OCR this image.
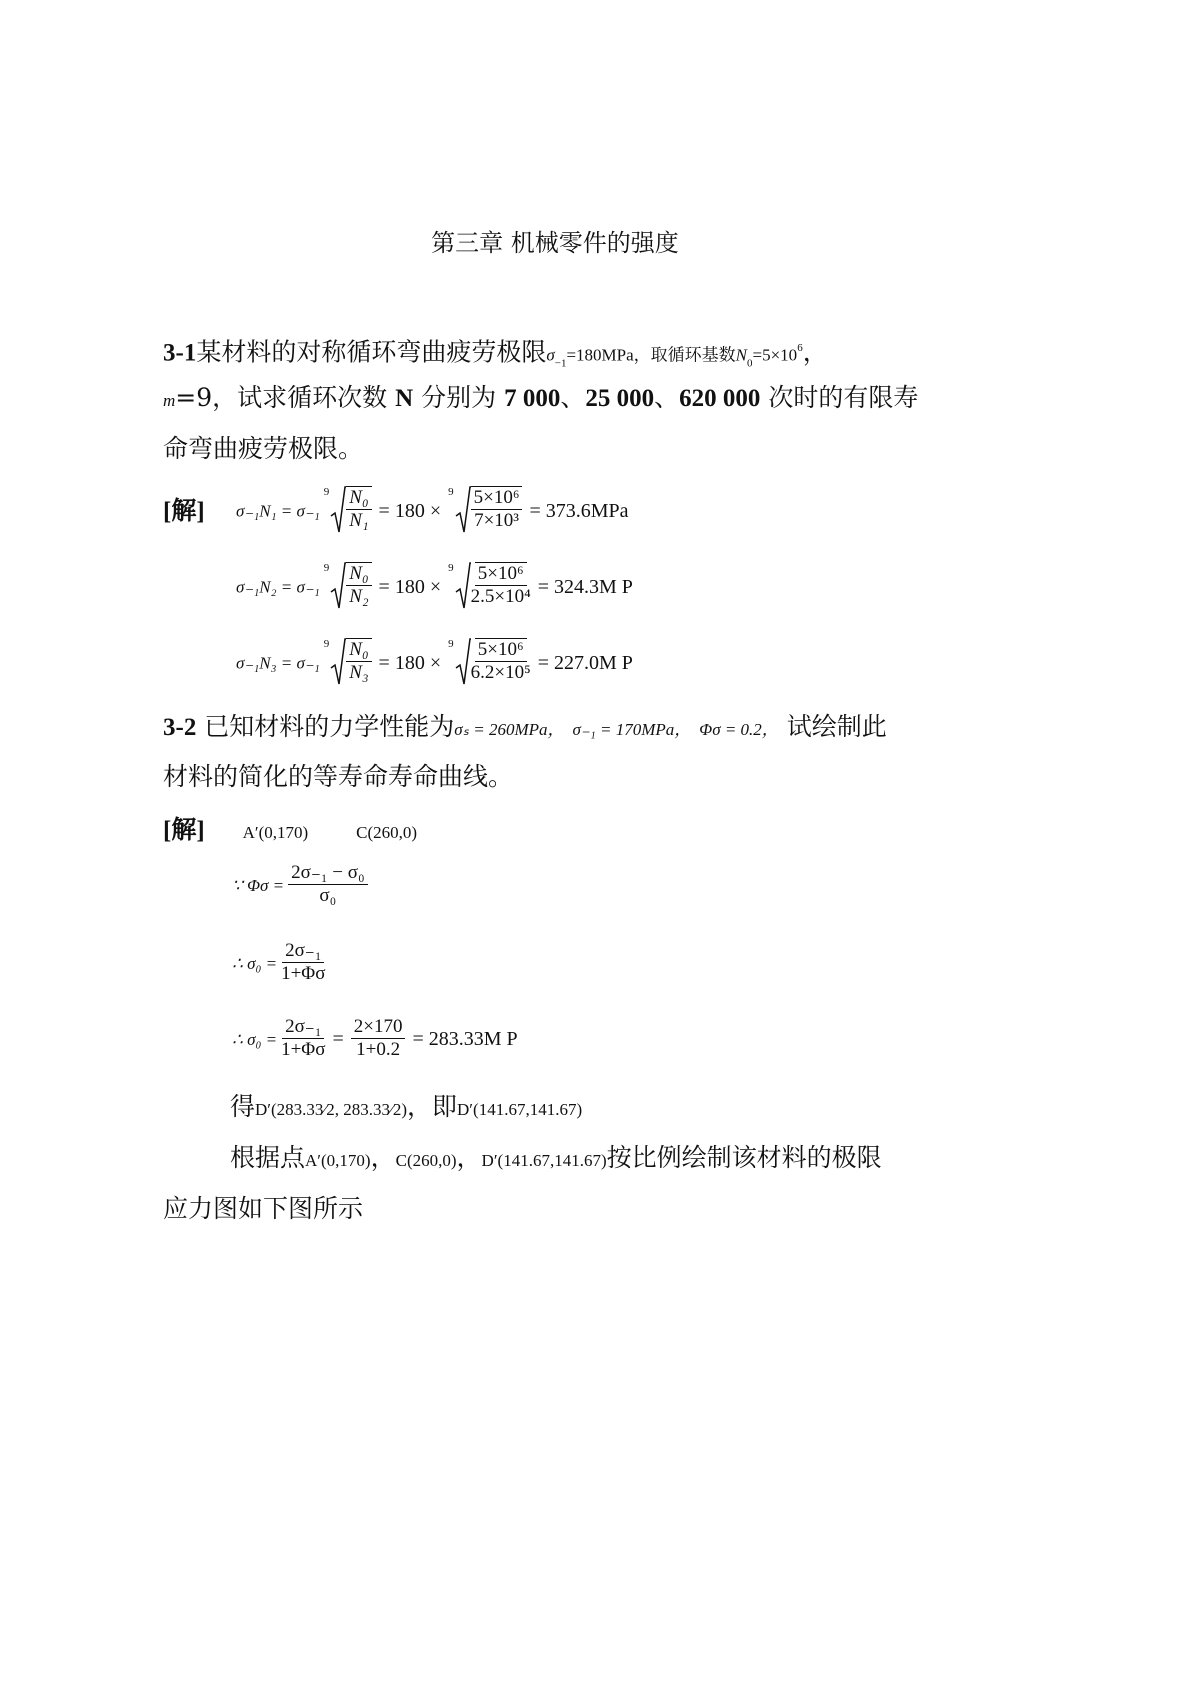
第三章 机械零件的强度
3-1某材料的对称循环弯曲疲劳极限$\sigma_{-1}=180MPa$，取循环基数$N_0=5\times 10^6$，
m=9，试求循环次数 N 分别为 7 000、25 000、620 000 次时的有限寿
命弯曲疲劳极限。
[解] σ₋₁N₁ = σ₋₁
$9 \frac{\text{N₀}}{\text{N₁}} = 180$ ×
$9 \frac{\text{5×10⁶}}{\text{7×10³}} = 373.6MPa$
σ₋₁N₂ = σ₋₁
$9 \frac{\text{N₀}}{\text{N₂}} = 180$ ×
$9 \frac{\text{5×10⁶}}{\text{2.5×10⁴}} = 324.3M$ P
σ₋₁N₃ = σ₋₁
$9 \frac{\text{N₀}}{\text{N₃}} = 180$ ×
$9 \frac{\text{5×10⁶}}{\text{6.2×10⁵}} = 227.0M$ P
3-2 已知材料的力学性能为σₛ = 260MPa， σ₋₁ = 170MPa， Φσ = 0.2， 试绘制此
材料的简化的等寿命寿命曲线。
[解] A′(0,170)	C(260,0)
∵ $\Phi\sigma = \frac{\text{2σ₋₁ − σ₀}}{\text{σ₀}}$
∴ $\sigma_0 = \frac{\text{2σ₋₁}}{1+\Phi\sigma}$
∴ $\sigma_0 = \frac{\text{2σ₋₁}}{1+\Phi\sigma} = \frac{2\times 170}{1+0.2} = 283.33M$ P
得D′(283.33⁄2, 283.33⁄2)，即D′(141.67,141.67)
根据点A′(0,170)，C(260,0)，D′(141.67,141.67)按比例绘制该材料的极限
应力图如下图所示
